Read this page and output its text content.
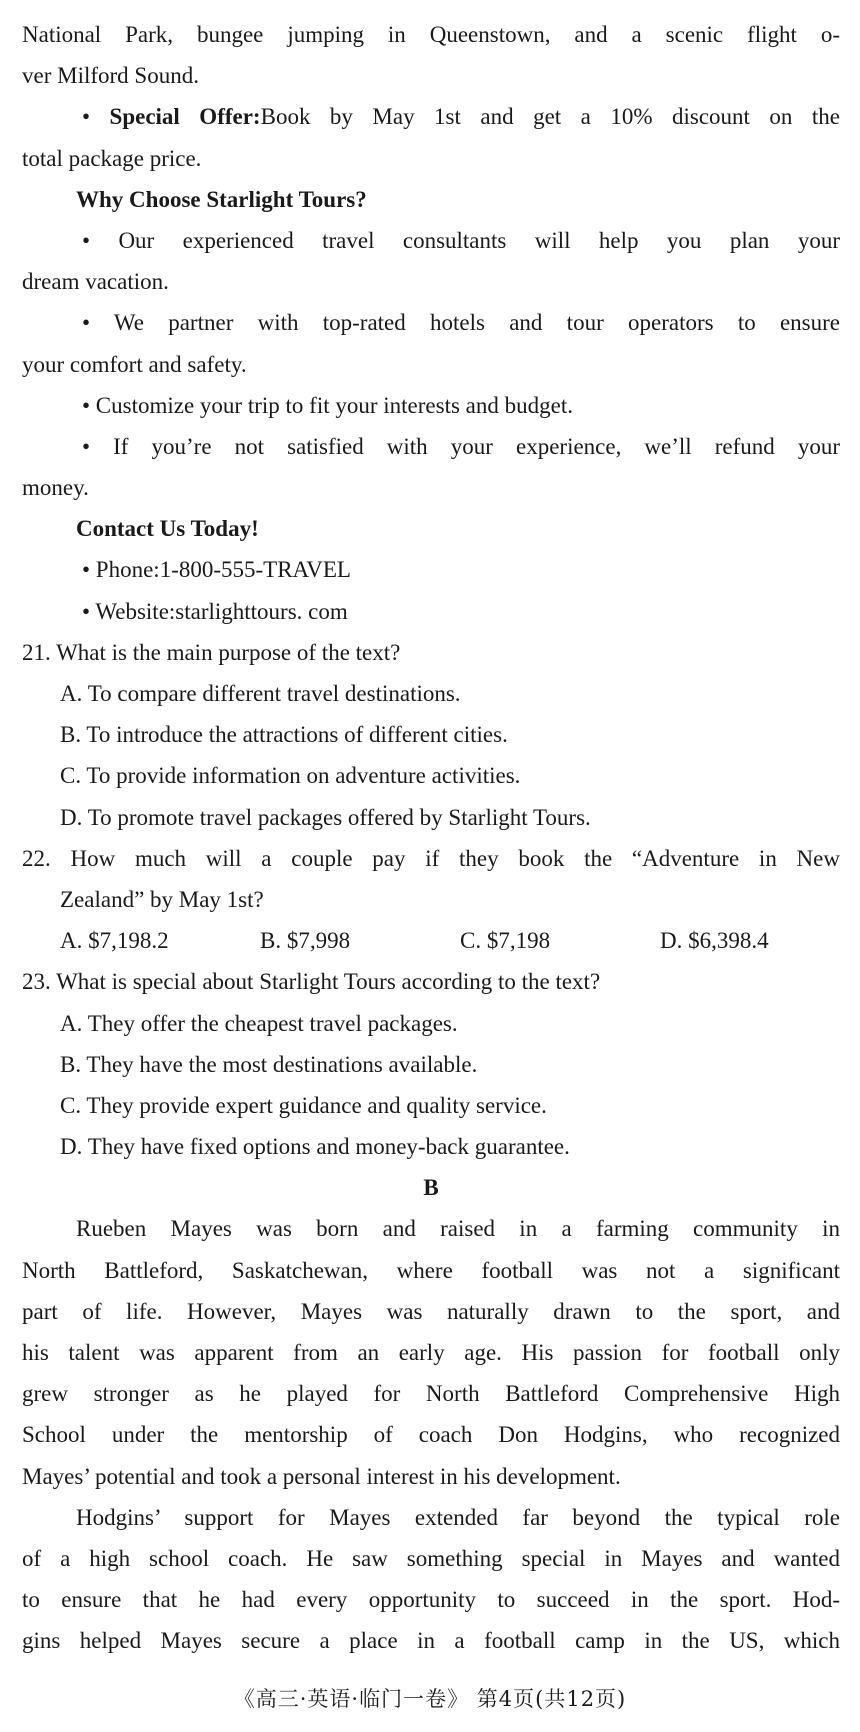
National Park, bungee jumping in Queenstown, and a scenic flight o-
ver Milford Sound.
• Special Offer:Book by May 1st and get a 10% discount on the
total package price.
Why Choose Starlight Tours?
• Our experienced travel consultants will help you plan your
dream vacation.
• We partner with top-rated hotels and tour operators to ensure
your comfort and safety.
• Customize your trip to fit your interests and budget.
• If you’re not satisfied with your experience, we’ll refund your
money.
Contact Us Today!
• Phone:1-800-555-TRAVEL
• Website:starlighttours. com
21. What is the main purpose of the text?
A. To compare different travel destinations.
B. To introduce the attractions of different cities.
C. To provide information on adventure activities.
D. To promote travel packages offered by Starlight Tours.
22. How much will a couple pay if they book the “Adventure in New
Zealand” by May 1st?
A. $7,198.2	B. $7,998	C. $7,198	D. $6,398.4
23. What is special about Starlight Tours according to the text?
A. They offer the cheapest travel packages.
B. They have the most destinations available.
C. They provide expert guidance and quality service.
D. They have fixed options and money-back guarantee.
B
Rueben Mayes was born and raised in a farming community in
North Battleford, Saskatchewan, where football was not a significant
part of life. However, Mayes was naturally drawn to the sport, and
his talent was apparent from an early age. His passion for football only
grew stronger as he played for North Battleford Comprehensive High
School under the mentorship of coach Don Hodgins, who recognized
Mayes’ potential and took a personal interest in his development.
Hodgins’ support for Mayes extended far beyond the typical role
of a high school coach. He saw something special in Mayes and wanted
to ensure that he had every opportunity to succeed in the sport. Hod-
gins helped Mayes secure a place in a football camp in the US, which
《高三·英语·临门一卷》 第4页(共12页)
